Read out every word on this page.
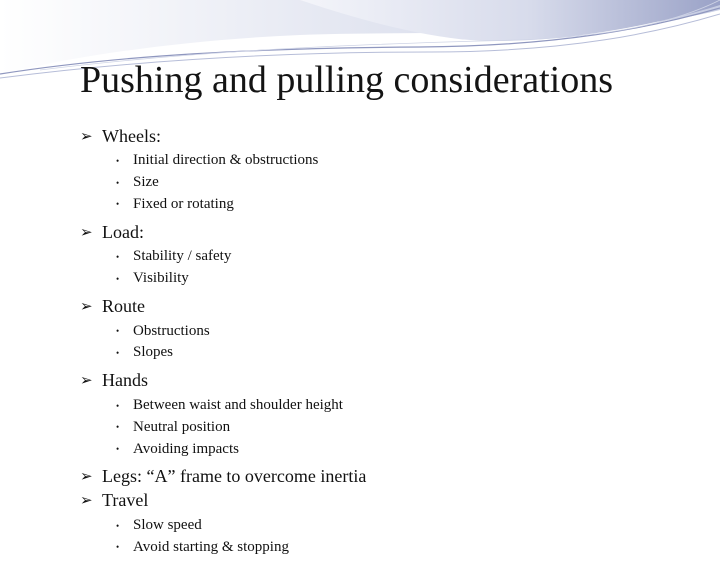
Pushing and pulling considerations
➢ Wheels:
• Initial direction & obstructions
• Size
• Fixed or rotating
➢ Load:
• Stability / safety
• Visibility
➢ Route
• Obstructions
• Slopes
➢ Hands
• Between waist and shoulder height
• Neutral position
• Avoiding impacts
➢ Legs: “A” frame to overcome inertia
➢ Travel
• Slow speed
• Avoid starting & stopping
